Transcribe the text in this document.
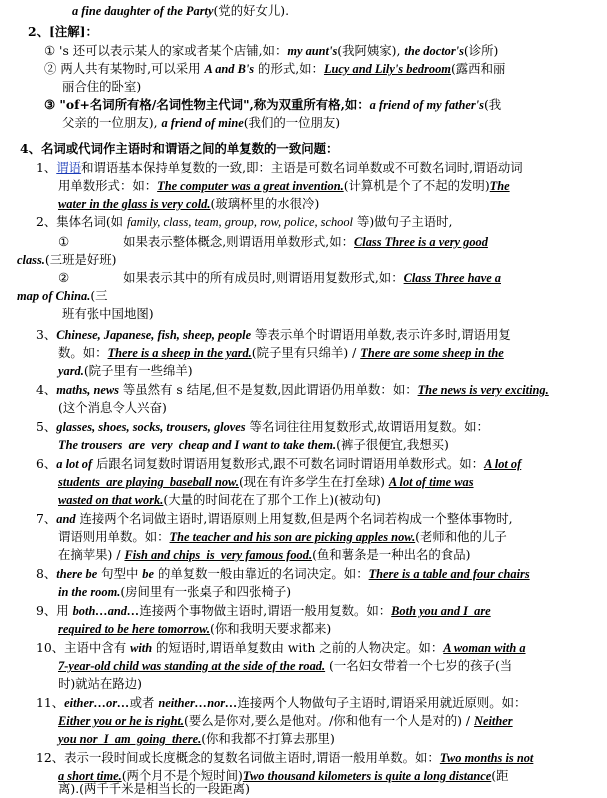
a fine daughter of the Party(党的好女儿).
2、[注解]：
① 's 还可以表示某人的家或者某个店铺,如：my aunt's(我阿姨家), the doctor's(诊所)
② 两人共有某物时,可以采用 A and B's 的形式,如：Lucy and Lily's bedroom(露西和丽
丽合住的卧室)
③ "of+名词所有格/名词性物主代词",称为双重所有格,如：a friend of my father's(我
父亲的一位朋友), a friend of mine(我们的一位朋友)
4、名词或代词作主语时和谓语之间的单复数的一致问题：
1、谓语和谓语基本保持单复数的一致,即：主语是可数名词单数或不可数名词时,谓语动词
用单数形式：如：The computer was a great invention.(计算机是个了不起的发明)The
water in the glass is very cold.(玻璃杯里的水很冷)
2、集体名词(如 family, class, team, group, row, police, school 等)做句子主语时,
①	如果表示整体概念,则谓语用单数形式,如：Class Three is a very good
class.(三班是好班)
②	如果表示其中的所有成员时,则谓语用复数形式,如：Class Three have a
map of China.(三
班有张中国地图)
3、Chinese, Japanese, fish, sheep, people 等表示单个时谓语用单数,表示许多时,谓语用复
数。如：There is a sheep in the yard.(院子里有只绵羊) / There are some sheep in the
yard.(院子里有一些绵羊)
4、maths, news 等虽然有 s 结尾,但不是复数,因此谓语仍用单数：如：The news is very exciting.
(这个消息令人兴奋)
5、glasses, shoes, socks, trousers, gloves 等名词往往用复数形式,故谓语用复数。如：
The trousers  are  very  cheap and I want to take them.(裤子很便宜,我想买)
6、a lot of 后跟名词复数时谓语用复数形式,跟不可数名词时谓语用单数形式。如：A lot of
students  are playing  baseball now.(现在有许多学生在打垒球) A lot of time was
wasted on that work.(大量的时间花在了那个工作上)(被动句)
7、and 连接两个名词做主语时,谓语原则上用复数,但是两个名词若构成一个整体事物时,
谓语则用单数。如：The teacher and his son are picking apples now.(老师和他的儿子
在摘苹果) / Fish and chips  is  very famous food.(鱼和薯条是一种出名的食品)
8、there be 句型中 be 的单复数一般由靠近的名词决定。如：There is a table and four chairs
in the room.(房间里有一张桌子和四张椅子)
9、用 both…and…连接两个事物做主语时,谓语一般用复数。如：Both you and I  are
required to be here tomorrow.(你和我明天要求都来)
10、主语中含有 with 的短语时,谓语单复数由 with 之前的人物决定。如：A woman with a
7-year-old child was standing at the side of the road. (一名妇女带着一个七岁的孩子(当
时)就站在路边)
11、either…or…或者 neither…nor…连接两个人物做句子主语时,谓语采用就近原则。如：
Either you or he is right.(要么是你对,要么是他对。/你和他有一个人是对的) / Neither
you nor  I  am  going  there.(你和我都不打算去那里)
12、表示一段时间或长度概念的复数名词做主语时,谓语一般用单数。如：Two months is not
a short time.(两个月不是个短时间)Two thousand kilometers is quite a long distance(距
离).(两千千米是相当长的一段距离)
